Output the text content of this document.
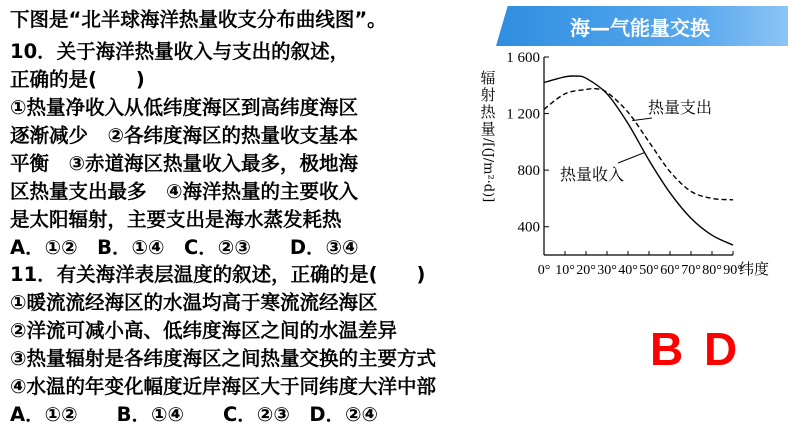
下图是“北半球海洋热量收支分布曲线图”。
10．关于海洋热量收入与支出的叙述，
正确的是(　　)
①热量净收入从低纬度海区到高纬度海区
逐渐减少　②各纬度海区的热量收支基本
平衡　③赤道海区热量收入最多，极地海
区热量支出最多　④海洋热量的主要收入
是太阳辐射，主要支出是海水蒸发耗热
A．①②　B．①④　C．②③　　D．③④
11．有关海洋表层温度的叙述，正确的是(　　)
①暖流流经海区的水温均高于寒流流经海区
②洋流可减小高、低纬度海区之间的水温差异
③热量辐射是各纬度海区之间热量交换的主要方式
④水温的年变化幅度近岸海区大于同纬度大洋中部
A．①②　　B．①④　　C．②③　D．②④
海—气能量交换
B D
辐
射
热
量
/[(J/m²·d)]
1 600
1 200
800
400
0° 10° 20° 30° 40° 50° 60° 70° 80° 90°
纬度
热量支出
热量收入
